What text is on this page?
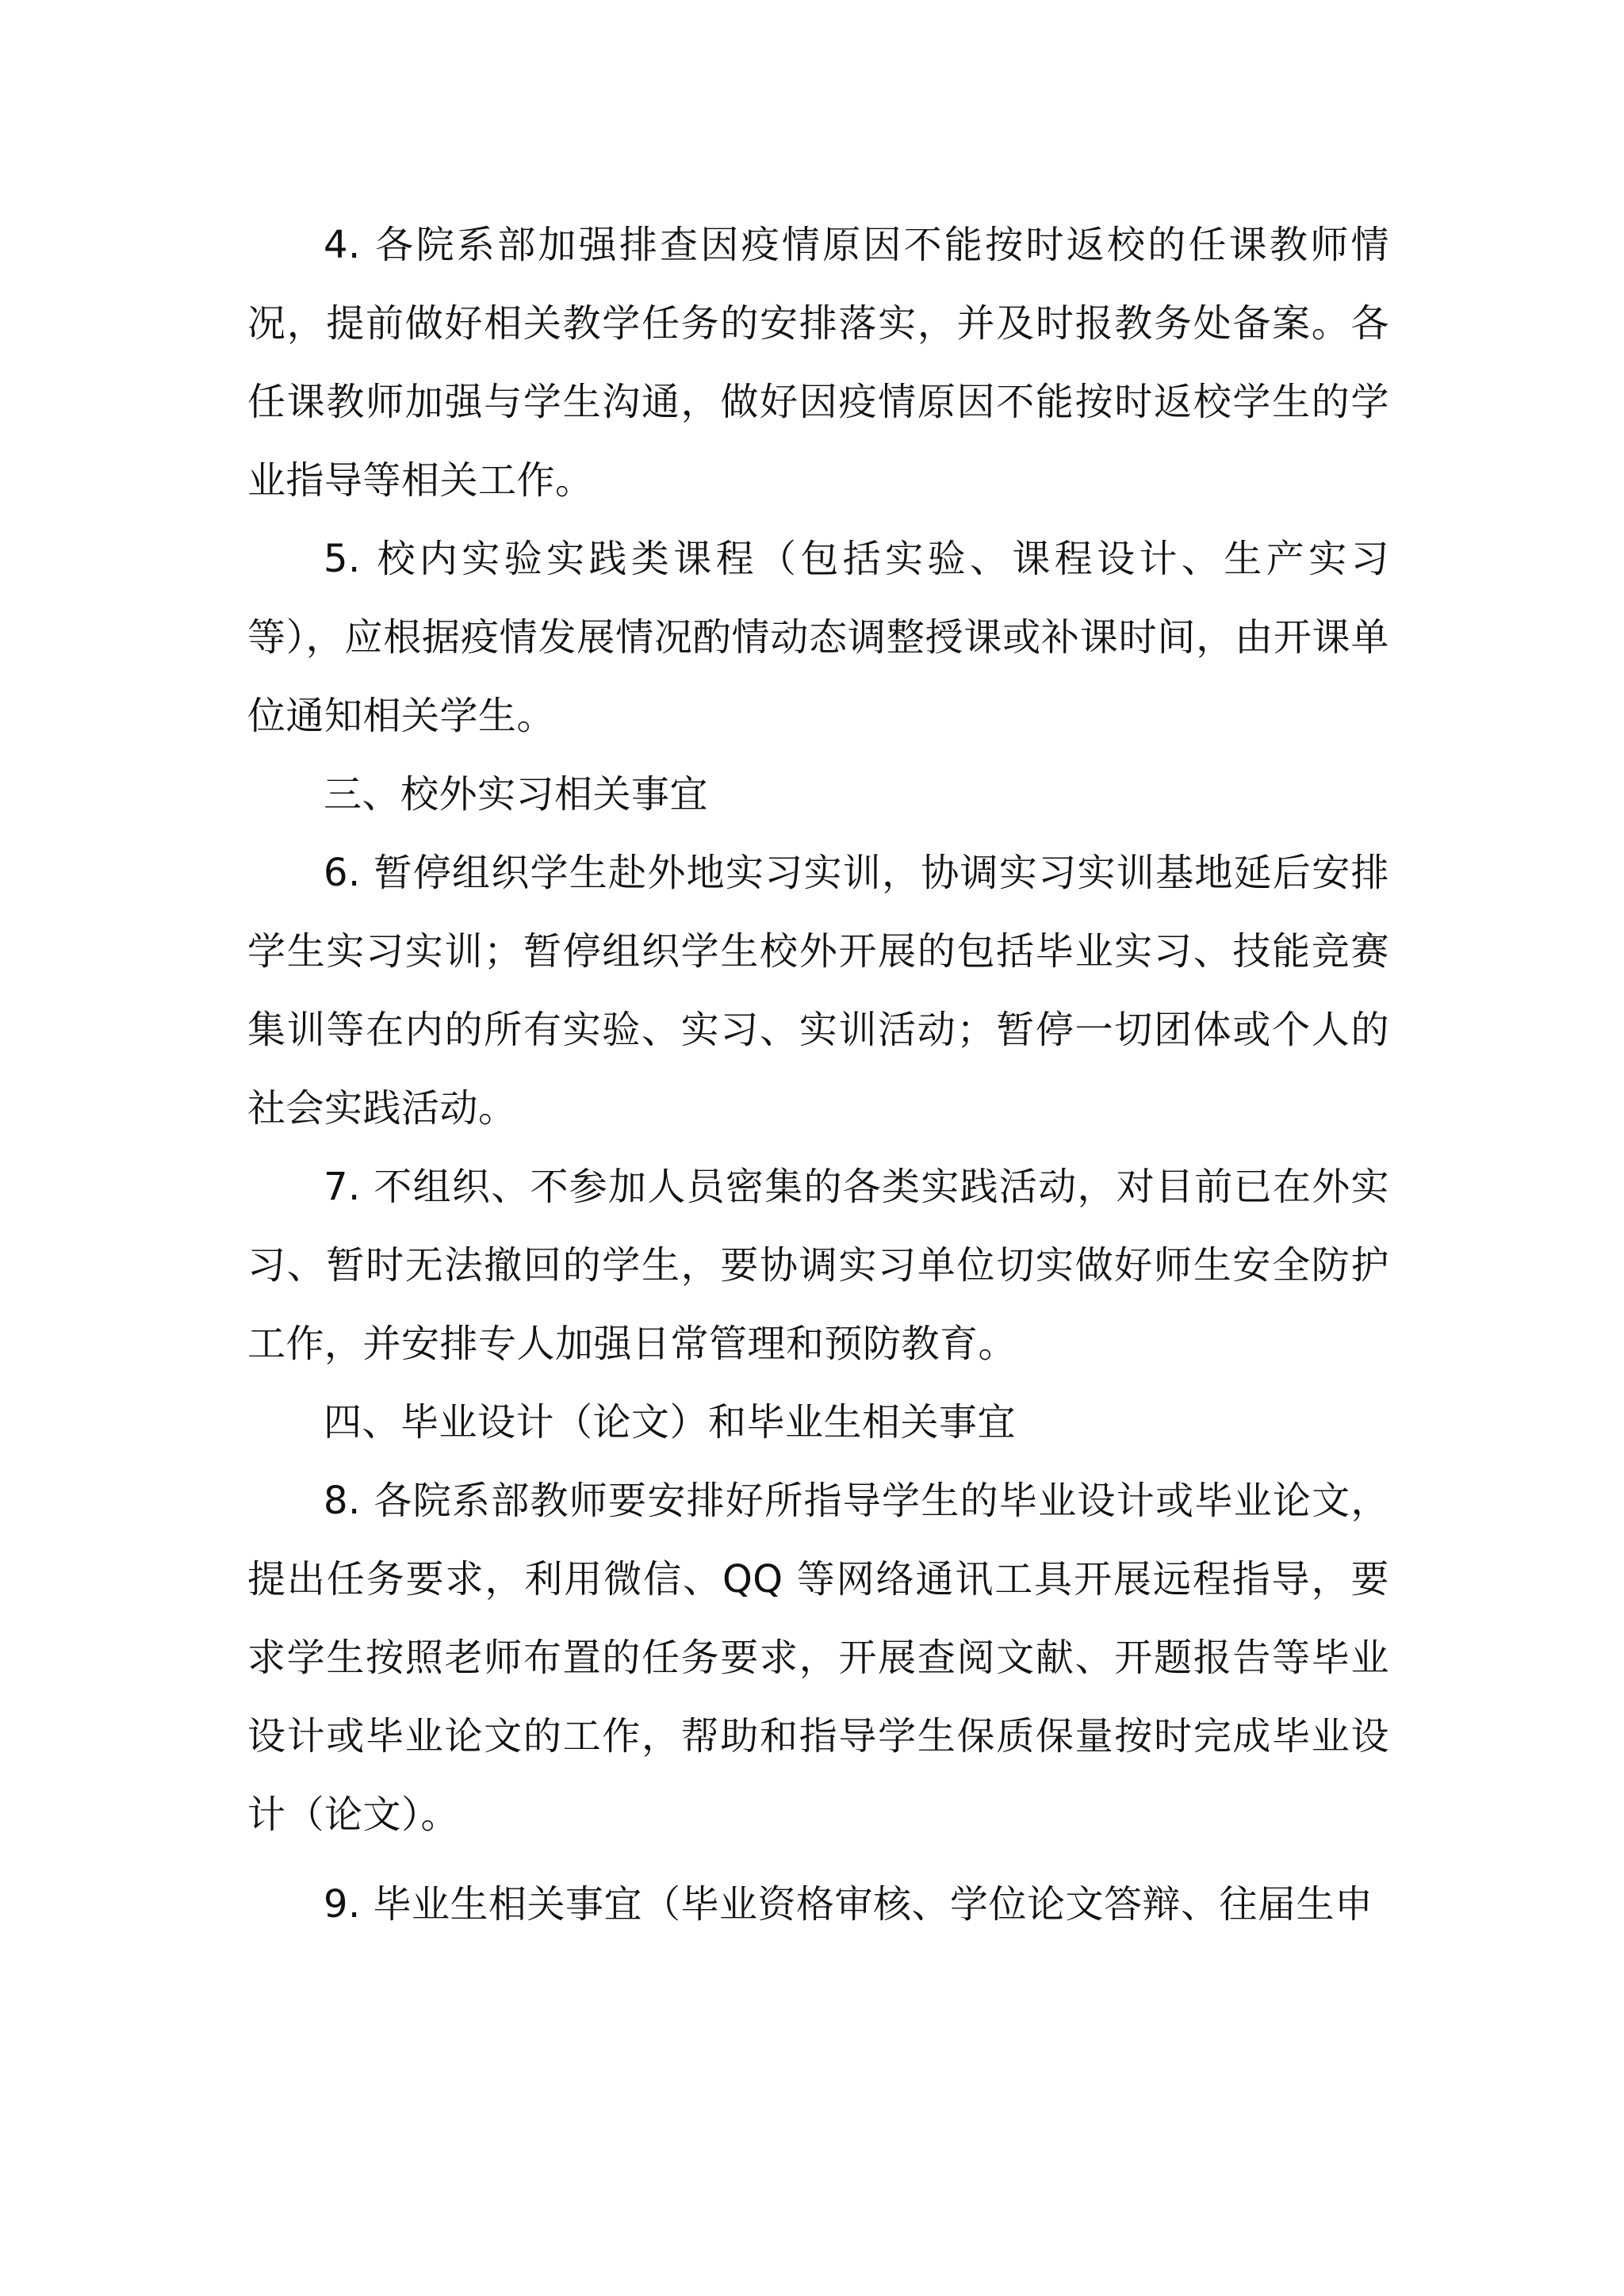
4. 各院系部加强排查因疫情原因不能按时返校的任课教师情况，提前做好相关教学任务的安排落实，并及时报教务处备案。各任课教师加强与学生沟通，做好因疫情原因不能按时返校学生的学业指导等相关工作。

5. 校内实验实践类课程（包括实验、课程设计、生产实习等），应根据疫情发展情况酌情动态调整授课或补课时间，由开课单位通知相关学生。

三、校外实习相关事宜

6. 暂停组织学生赴外地实习实训，协调实习实训基地延后安排学生实习实训；暂停组织学生校外开展的包括毕业实习、技能竞赛集训等在内的所有实验、实习、实训活动；暂停一切团体或个人的社会实践活动。

7. 不组织、不参加人员密集的各类实践活动，对目前已在外实习、暂时无法撤回的学生，要协调实习单位切实做好师生安全防护工作，并安排专人加强日常管理和预防教育。

四、毕业设计（论文）和毕业生相关事宜

8. 各院系部教师要安排好所指导学生的毕业设计或毕业论文，提出任务要求，利用微信、QQ 等网络通讯工具开展远程指导，要求学生按照老师布置的任务要求，开展查阅文献、开题报告等毕业设计或毕业论文的工作，帮助和指导学生保质保量按时完成毕业设计（论文）。

9. 毕业生相关事宜（毕业资格审核、学位论文答辩、往届生申
